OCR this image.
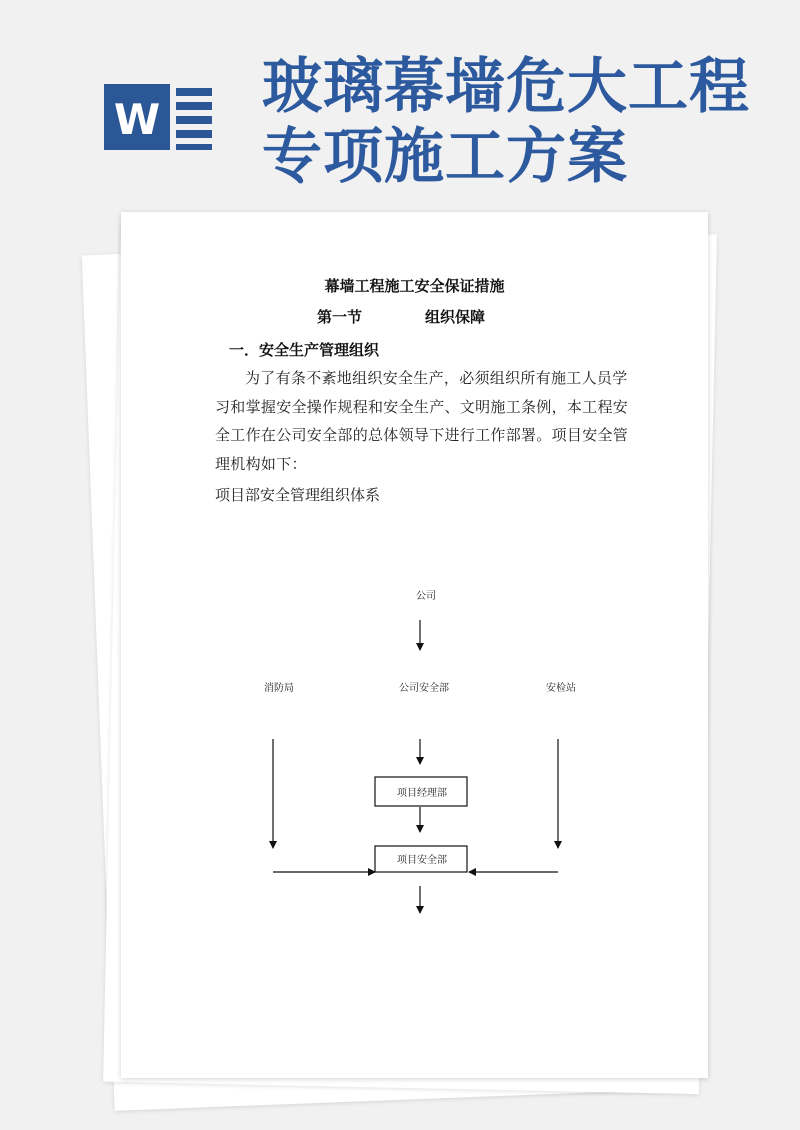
W 玻璃幕墙危大工程
专项施工方案
幕墙工程施工安全保证措施
第一节	组织保障
一．安全生产管理组织
为了有条不紊地组织安全生产，必须组织所有施工人员学习和掌握安全操作规程和安全生产、文明施工条例，本工程安全工作在公司安全部的总体领导下进行工作部署。项目安全管理机构如下：
项目部安全管理组织体系
公司
消防局	公司安全部	安检站
项目经理部
项目安全部
